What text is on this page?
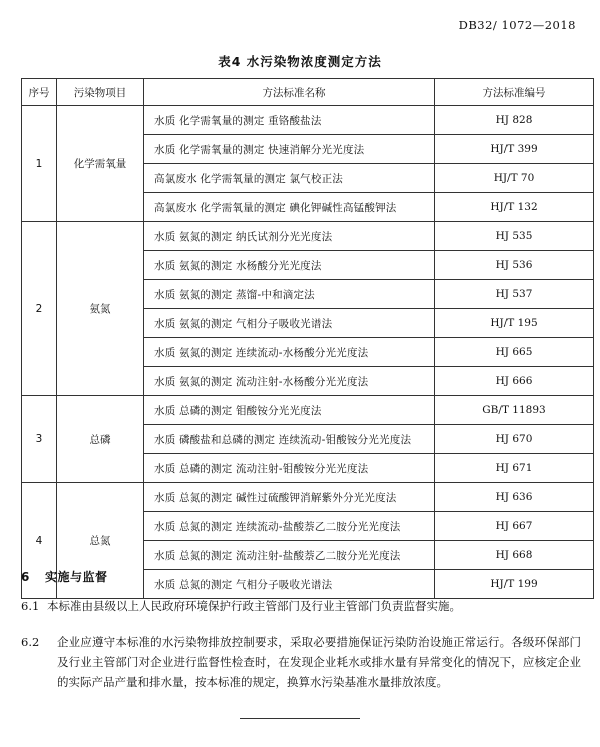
DB32/ 1072—2018
表4 水污染物浓度测定方法
序号	污染物项目	方法标准名称	方法标准编号
1	化学需氧量	水质 化学需氧量的测定 重铬酸盐法	HJ 828
		水质 化学需氧量的测定 快速消解分光光度法	HJ/T 399
		高氯废水 化学需氧量的测定 氯气校正法	HJ/T 70
		高氯废水 化学需氧量的测定 碘化钾碱性高锰酸钾法	HJ/T 132
2	氨氮	水质 氨氮的测定 纳氏试剂分光光度法	HJ 535
		水质 氨氮的测定 水杨酸分光光度法	HJ 536
		水质 氨氮的测定 蒸馏-中和滴定法	HJ 537
		水质 氨氮的测定 气相分子吸收光谱法	HJ/T 195
		水质 氨氮的测定 连续流动-水杨酸分光光度法	HJ 665
		水质 氨氮的测定 流动注射-水杨酸分光光度法	HJ 666
3	总磷	水质 总磷的测定 钼酸铵分光光度法	GB/T 11893
		水质 磷酸盐和总磷的测定 连续流动-钼酸铵分光光度法	HJ 670
		水质 总磷的测定 流动注射-钼酸铵分光光度法	HJ 671
4	总氮	水质 总氮的测定 碱性过硫酸钾消解紫外分光光度法	HJ 636
		水质 总氮的测定 连续流动-盐酸萘乙二胺分光光度法	HJ 667
		水质 总氮的测定 流动注射-盐酸萘乙二胺分光光度法	HJ 668
		水质 总氮的测定 气相分子吸收光谱法	HJ/T 199
6 实施与监督
6.1 本标准由县级以上人民政府环境保护行政主管部门及行业主管部门负责监督实施。
6.2 企业应遵守本标准的水污染物排放控制要求，采取必要措施保证污染防治设施正常运行。各级环保部门及行业主管部门对企业进行监督性检查时，在发现企业耗水或排水量有异常变化的情况下，应核定企业的实际产品产量和排水量，按本标准的规定，换算水污染基准水量排放浓度。
